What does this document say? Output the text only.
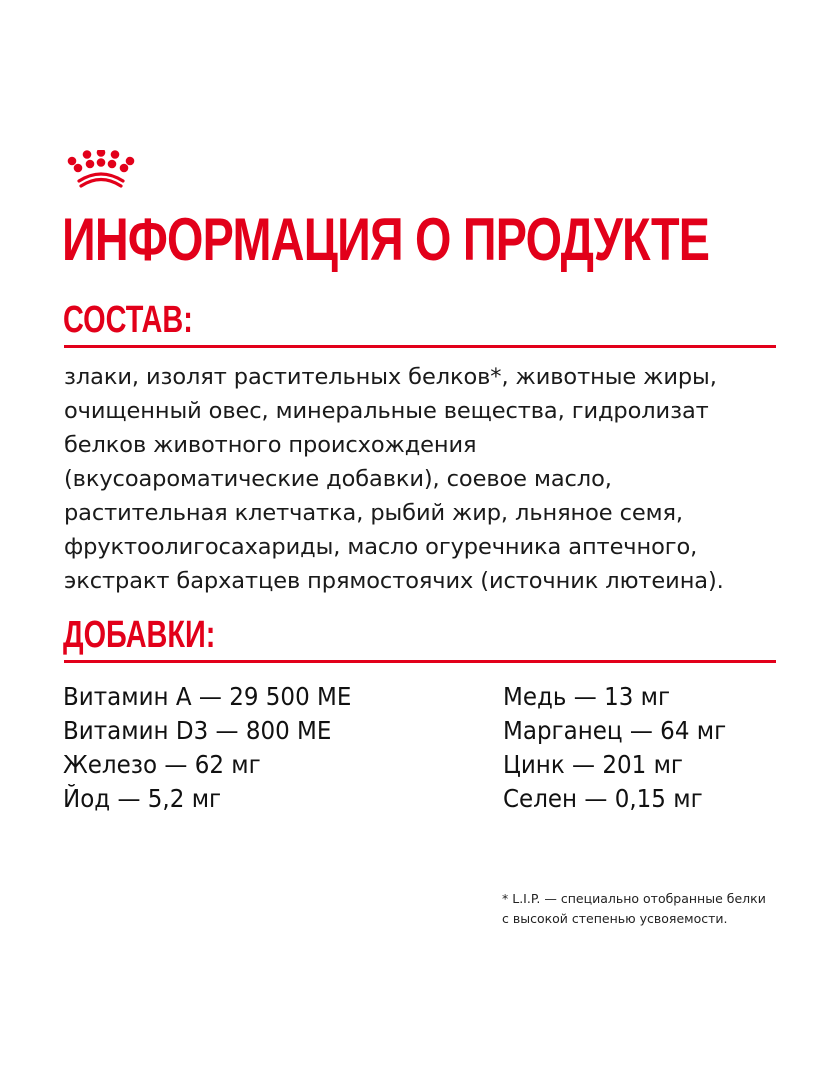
ИНФОРМАЦИЯ О ПРОДУКТЕ
СОСТАВ:
злаки, изолят растительных белков*, животные жиры,
очищенный овес, минеральные вещества, гидролизат
белков животного происхождения
(вкусоароматические добавки), соевое масло,
растительная клетчатка, рыбий жир, льняное семя,
фруктоолигосахариды, масло огуречника аптечного,
экстракт бархатцев прямостоячих (источник лютеина).
ДОБАВКИ:
Витамин A — 29 500 МЕ
Витамин D3 — 800 МЕ
Железо — 62 мг
Йод — 5,2 мг
Медь — 13 мг
Марганец — 64 мг
Цинк — 201 мг
Селен — 0,15 мг
* L.I.P. — специально отобранные белки
с высокой степенью усвояемости.
